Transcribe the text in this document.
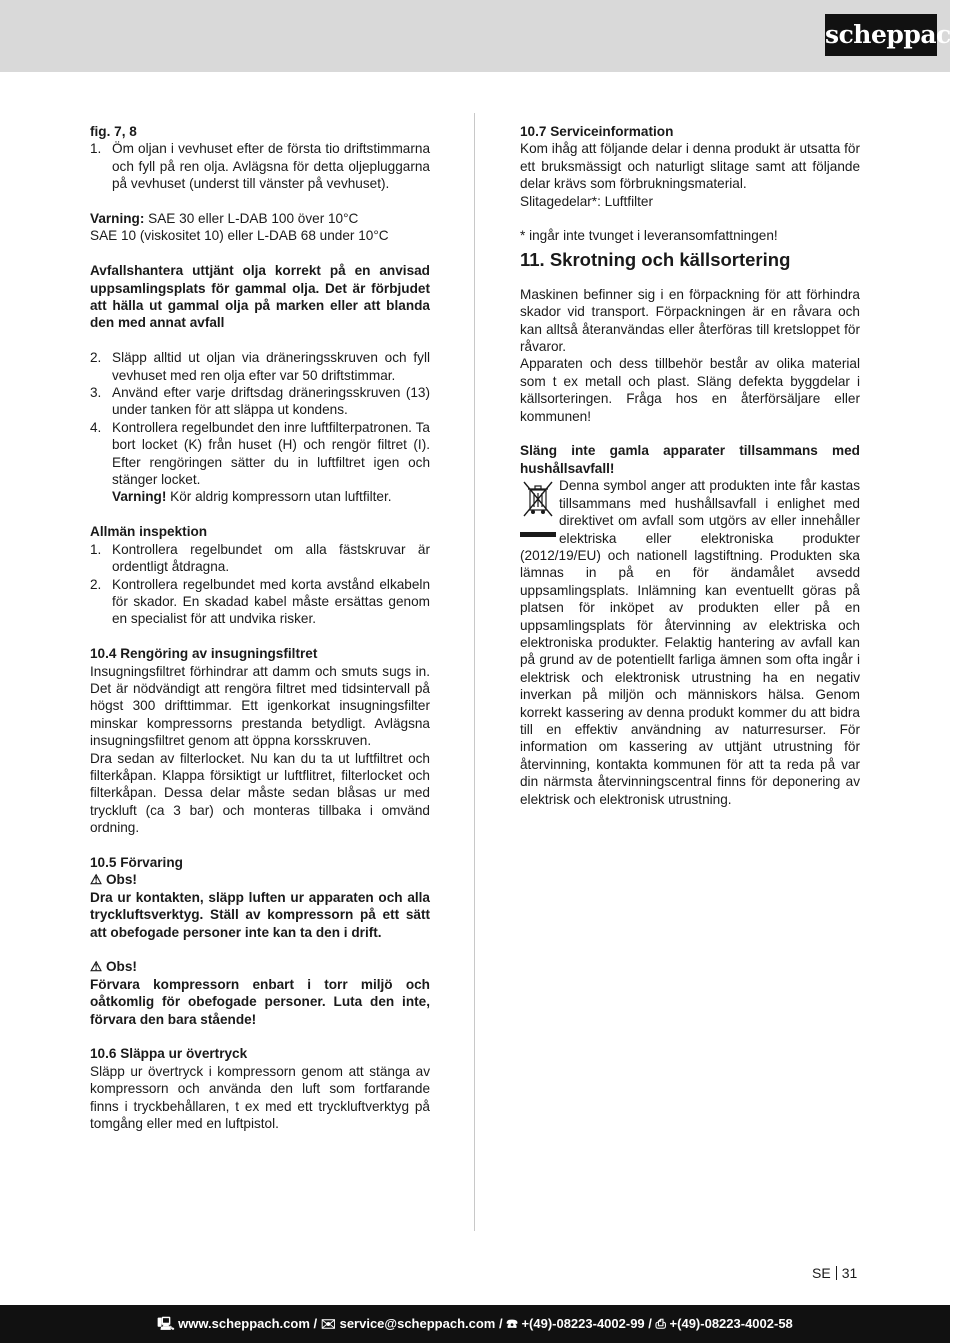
scheppach

fig. 7, 8

1. Öm oljan i vevhuset efter de första tio driftstimmarna och fyll på ren olja. Avlägsna för detta oljepluggarna på vevhuset (underst till vänster på vevhuset).

Varning: SAE 30 eller L-DAB 100 över 10°C

SAE 10 (viskositet 10) eller L-DAB 68 under 10°C

Avfallshantera uttjänt olja korrekt på en anvisad uppsamlingsplats för gammal olja. Det är förbjudet att hälla ut gammal olja på marken eller att blanda den med annat avfall

2. Släpp alltid ut oljan via dräneringsskruven och fyll vevhuset med ren olja efter var 50 driftstimmar.
3. Använd efter varje driftsdag dräneringsskruven (13) under tanken för att släppa ut kondens.
4. Kontrollera regelbundet den inre luftfilterpatronen. Ta bort locket (K) från huset (H) och rengör filtret (I). Efter rengöringen sätter du in luftfiltret igen och stänger locket.
Varning! Kör aldrig kompressorn utan luftfilter.

Allmän inspektion

1. Kontrollera regelbundet om alla fästskruvar är ordentligt åtdragna.
2. Kontrollera regelbundet med korta avstånd elkabeln för skador. En skadad kabel måste ersättas genom en specialist för att undvika risker.

10.4 Rengöring av insugningsfiltret

Insugningsfiltret förhindrar att damm och smuts sugs in. Det är nödvändigt att rengöra filtret med tidsintervall på högst 300 drifttimmar. Ett igenkorkat insugningsfilter minskar kompressorns prestanda betydligt. Avlägsna insugningsfiltret genom att öppna korsskruven.

Dra sedan av filterlocket. Nu kan du ta ut luftfiltret och filterkåpan. Klappa försiktigt ur luftflitret, filterlocket och filterkåpan. Dessa delar måste sedan blåsas ur med tryckluft (ca 3 bar) och monteras tillbaka i omvänd ordning.

10.5 Förvaring

⚠ Obs!

Dra ur kontakten, släpp luften ur apparaten och alla tryckluftsverktyg. Ställ av kompressorn på ett sätt att obefogade personer inte kan ta den i drift.

⚠ Obs!

Förvara kompressorn enbart i torr miljö och oåtkomlig för obefogade personer. Luta den inte, förvara den bara stående!

10.6 Släppa ur övertryck

Släpp ur övertryck i kompressorn genom att stänga av kompressorn och använda den luft som fortfarande finns i tryckbehållaren, t ex med ett tryckluftverktyg på tomgång eller med en luftpistol.

10.7 Serviceinformation

Kom ihåg att följande delar i denna produkt är utsatta för ett bruksmässigt och naturligt slitage samt att följande delar krävs som förbrukningsmaterial.

Slitagedelar*: Luftfilter

* ingår inte tvunget i leveransomfattningen!

11. Skrotning och källsortering

Maskinen befinner sig i en förpackning för att förhindra skador vid transport. Förpackningen är en råvara och kan alltså återanvändas eller återföras till kretsloppet för råvaror.

Apparaten och dess tillbehör består av olika material som t ex metall och plast. Släng defekta byggdelar i källsorteringen. Fråga hos en återförsäljare eller kommunen!

Släng inte gamla apparater tillsammans med hushållsavfall!

Denna symbol anger att produkten inte får kastas tillsammans med hushållsavfall i enlighet med direktivet om avfall som utgörs av eller innehåller elektriska eller elektroniska produkter (2012/19/EU) och nationell lagstiftning. Produkten ska lämnas in på en för ändamålet avsedd uppsamlingsplats. Inlämning kan eventuellt göras på platsen för inköpet av produkten eller på en uppsamlingsplats för återvinning av elektriska och elektroniska produkter. Felaktig hantering av avfall kan på grund av de potentiellt farliga ämnen som ofta ingår i elektrisk och elektronisk utrustning ha en negativ inverkan på miljön och människors hälsa. Genom korrekt kassering av denna produkt kommer du att bidra till en effektiv användning av naturresurser. För information om kassering av uttjänt utrustning för återvinning, kontakta kommunen för att ta reda på var din närmsta återvinningscentral finns för deponering av elektrisk och elektronisk utrustning.
SE 31
🖳 www.scheppach.com / ✉ service@scheppach.com / ☎ +(49)-08223-4002-99 / ⎙ +(49)-08223-4002-58
